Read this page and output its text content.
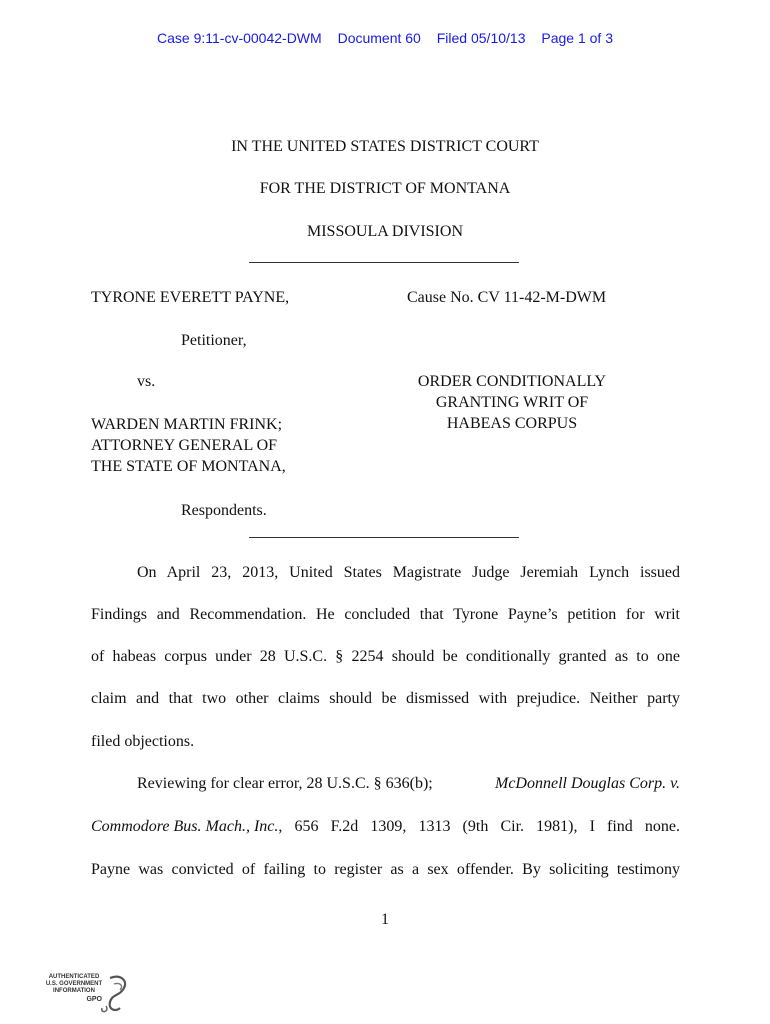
Case 9:11-cv-00042-DWM Document 60 Filed 05/10/13 Page 1 of 3
IN THE UNITED STATES DISTRICT COURT
FOR THE DISTRICT OF MONTANA
MISSOULA DIVISION
TYRONE EVERETT PAYNE,	Cause No. CV 11-42-M-DWM
Petitioner,
vs.	ORDER CONDITIONALLY
GRANTING WRIT OF
HABEAS CORPUS
WARDEN MARTIN FRINK;
ATTORNEY GENERAL OF
THE STATE OF MONTANA,
Respondents.
On April 23, 2013, United States Magistrate Judge Jeremiah Lynch issued
Findings and Recommendation. He concluded that Tyrone Payne’s petition for writ
of habeas corpus under 28 U.S.C. § 2254 should be conditionally granted as to one
claim and that two other claims should be dismissed with prejudice. Neither party
filed objections.
Reviewing for clear error, 28 U.S.C. § 636(b);	McDonnell Douglas Corp. v.
Commodore Bus. Mach., Inc. , 656 F.2d 1309, 1313 (9th Cir. 1981), I find none.
Payne was convicted of failing to register as a sex offender. By soliciting testimony
1
AUTHENTICATED
U.S. GOVERNMENT
INFORMATION
GPO
